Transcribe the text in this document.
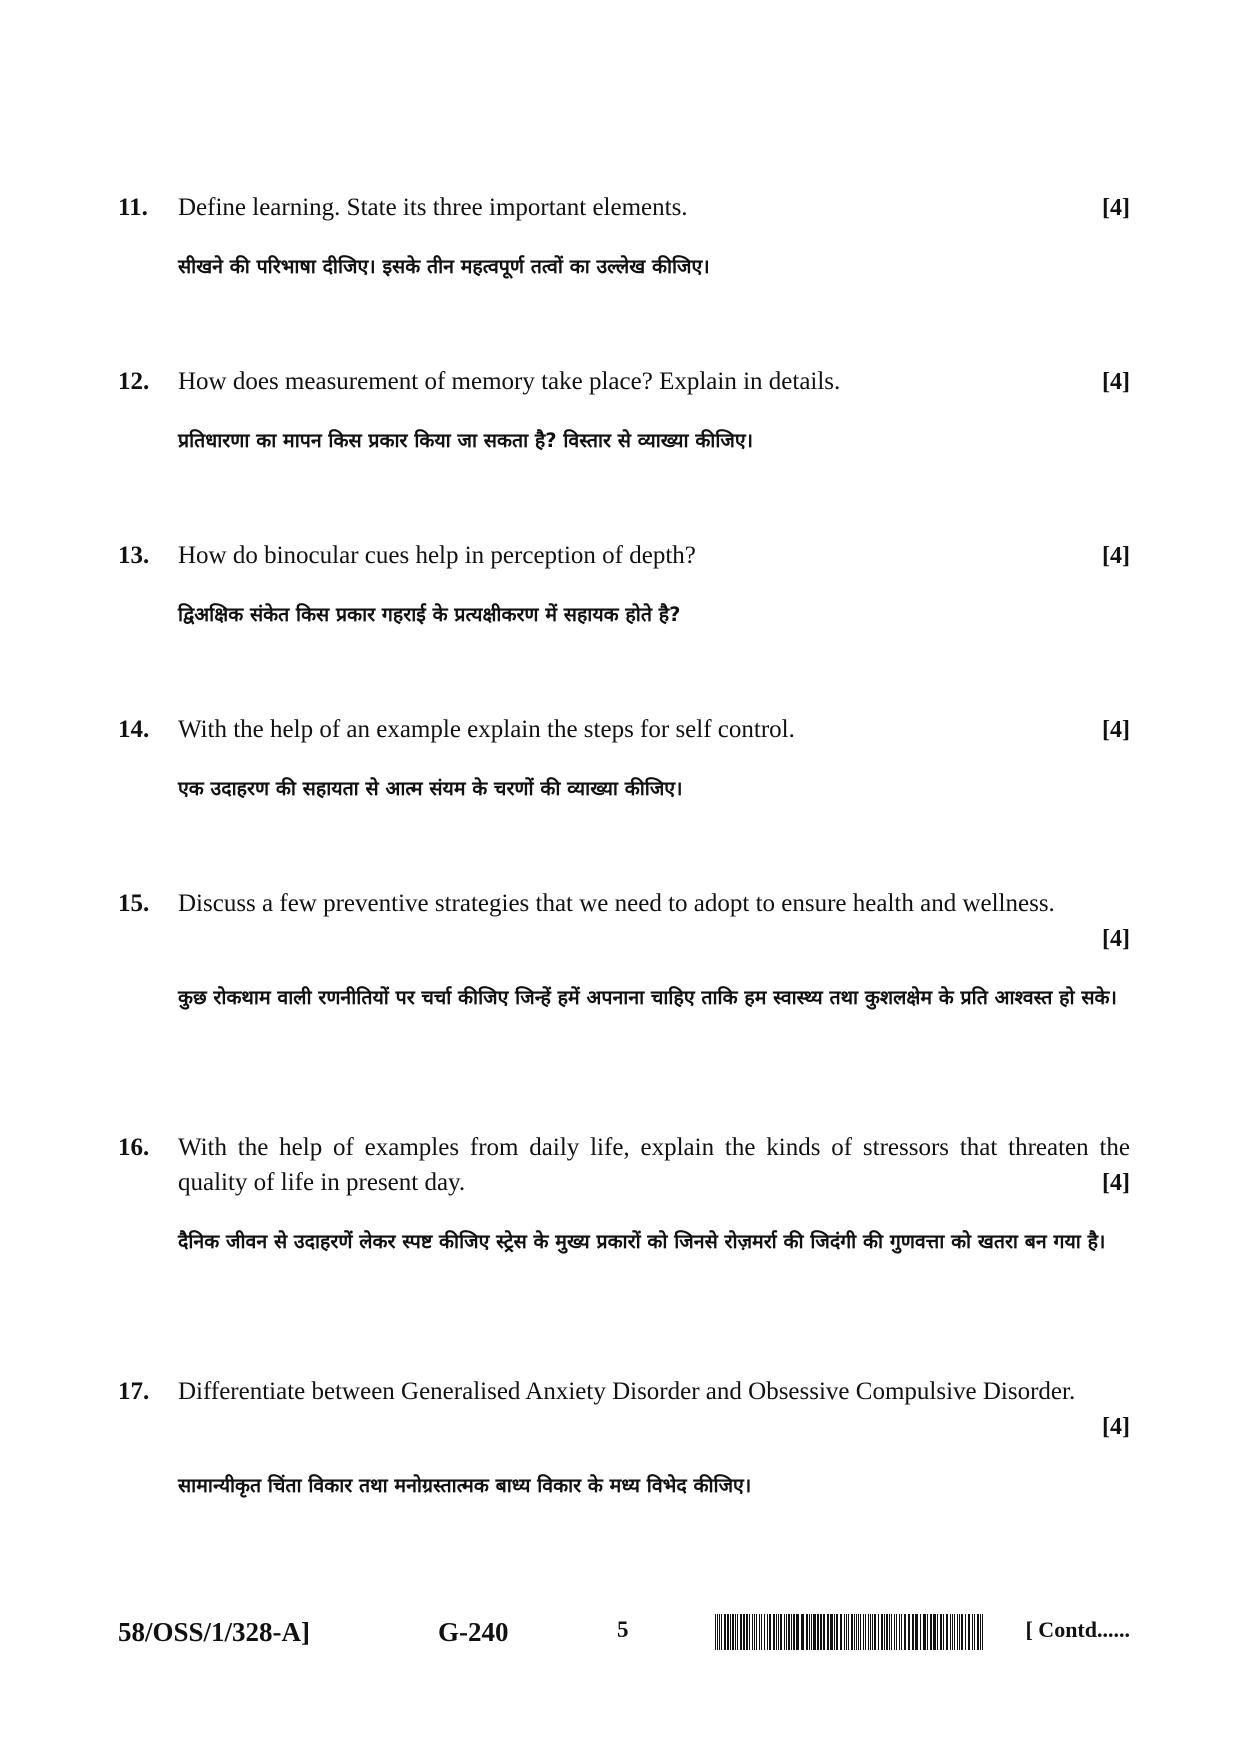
11. Define learning. State its three important elements.	[4]
सीखने की परिभाषा दीजिए। इसके तीन महत्वपूर्ण तत्वों का उल्लेख कीजिए।
12. How does measurement of memory take place? Explain in details.	[4]
प्रतिधारणा का मापन किस प्रकार किया जा सकता है? विस्तार से व्याख्या कीजिए।
13. How do binocular cues help in perception of depth?	[4]
द्विअक्षिक संकेत किस प्रकार गहराई के प्रत्यक्षीकरण में सहायक होते है?
14. With the help of an example explain the steps for self control.	[4]
एक उदाहरण की सहायता से आत्म संयम के चरणों की व्याख्या कीजिए।
15. Discuss a few preventive strategies that we need to adopt to ensure health and wellness.
[4]
कुछ रोकथाम वाली रणनीतियों पर चर्चा कीजिए जिन्हें हमें अपनाना चाहिए ताकि हम स्वास्थ्य तथा कुशलक्षेम के प्रति आश्वस्त हो सके।
16. With the help of examples from daily life, explain the kinds of stressors that threaten the quality of life in present day.	[4]
दैनिक जीवन से उदाहरणें लेकर स्पष्ट कीजिए स्ट्रेस के मुख्य प्रकारों को जिनसे रोज़मर्रा की जिदंगी की गुणवत्ता को खतरा बन गया है।
17. Differentiate between Generalised Anxiety Disorder and Obsessive Compulsive Disorder.
[4]
सामान्यीकृत चिंता विकार तथा मनोग्रस्तात्मक बाध्य विकार के मध्य विभेद कीजिए।
58/OSS/1/328-A]	G-240	5	[ Contd......
